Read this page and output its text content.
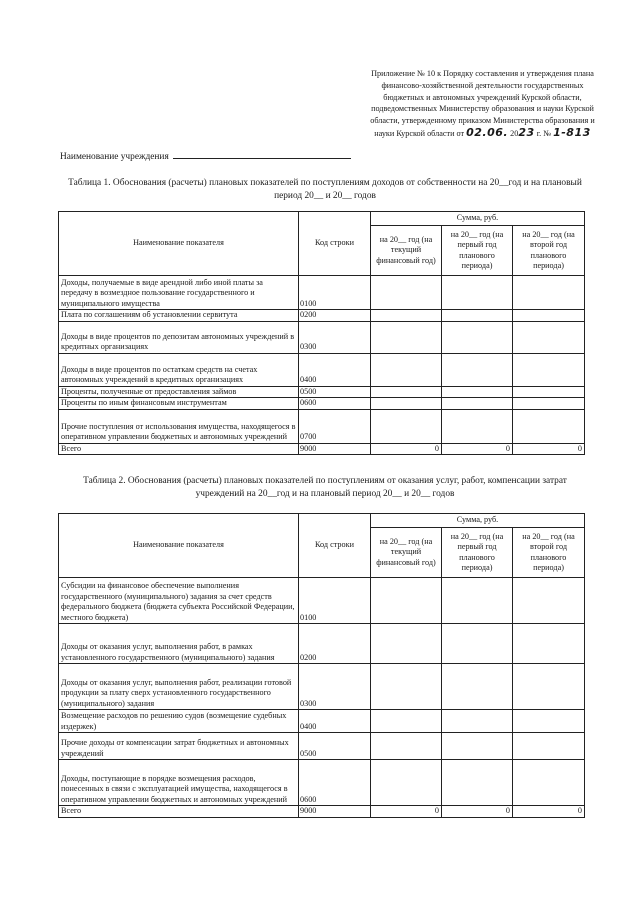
Приложение № 10 к Порядку составления и утверждения плана
финансово-хозяйственной деятельности государственных
бюджетных и автономных учреждений Курской области,
подведомственных Министерству образования и науки Курской
области, утвержденному приказом Министерства образования и
науки Курской области от 02.06. 2023 г. № 1-813
Наименование учреждения
Таблица 1. Обоснования (расчеты) плановых показателей по поступлениям доходов от собственности на 20__год и на плановый период 20__ и 20__ годов
Наименование показателя	Код строки	Сумма, руб.		
		на 20__ год (на текущий финансовый год)	на 20__ год (на первый год планового периода)	на 20__ год (на второй год планового периода)
Доходы, получаемые в виде арендной либо иной платы за передачу в возмездное пользование государственного и муниципального имущества	0100			
Плата по соглашениям об установлении сервитута	0200			
Доходы в виде процентов по депозитам автономных учреждений в кредитных организациях	0300			
Доходы в виде процентов по остаткам средств на счетах автономных учреждений в кредитных организациях	0400			
Проценты, полученные от предоставления займов	0500			
Проценты по иным финансовым инструментам	0600			
Прочие поступления от использования имущества, находящегося в оперативном управлении бюджетных и автономных учреждений	0700			
Всего	9000	0	0	0
Таблица 2. Обоснования (расчеты) плановых показателей по поступлениям от оказания услуг, работ, компенсации затрат учреждений на 20__год и на плановый период 20__ и 20__ годов
Наименование показателя	Код строки	Сумма, руб.		
		на 20__ год (на текущий финансовый год)	на 20__ год (на первый год планового периода)	на 20__ год (на второй год планового периода)
Субсидии на финансовое обеспечение выполнения государственного (муниципального) задания за счет средств федерального бюджета (бюджета субъекта Российской Федерации, местного бюджета)	0100			
Доходы от оказания услуг, выполнения работ, в рамках установленного государственного (муниципального) задания	0200			
Доходы от оказания услуг, выполнения работ, реализации готовой продукции за плату сверх установленного государственного (муниципального) задания	0300			
Возмещение расходов по решению судов (возмещение судебных издержек)	0400			
Прочие доходы от компенсации затрат бюджетных и автономных учреждений	0500			
Доходы, поступающие в порядке возмещения расходов, понесенных в связи с эксплуатацией имущества, находящегося в оперативном управлении бюджетных и автономных учреждений	0600			
Всего	9000	0	0	0
